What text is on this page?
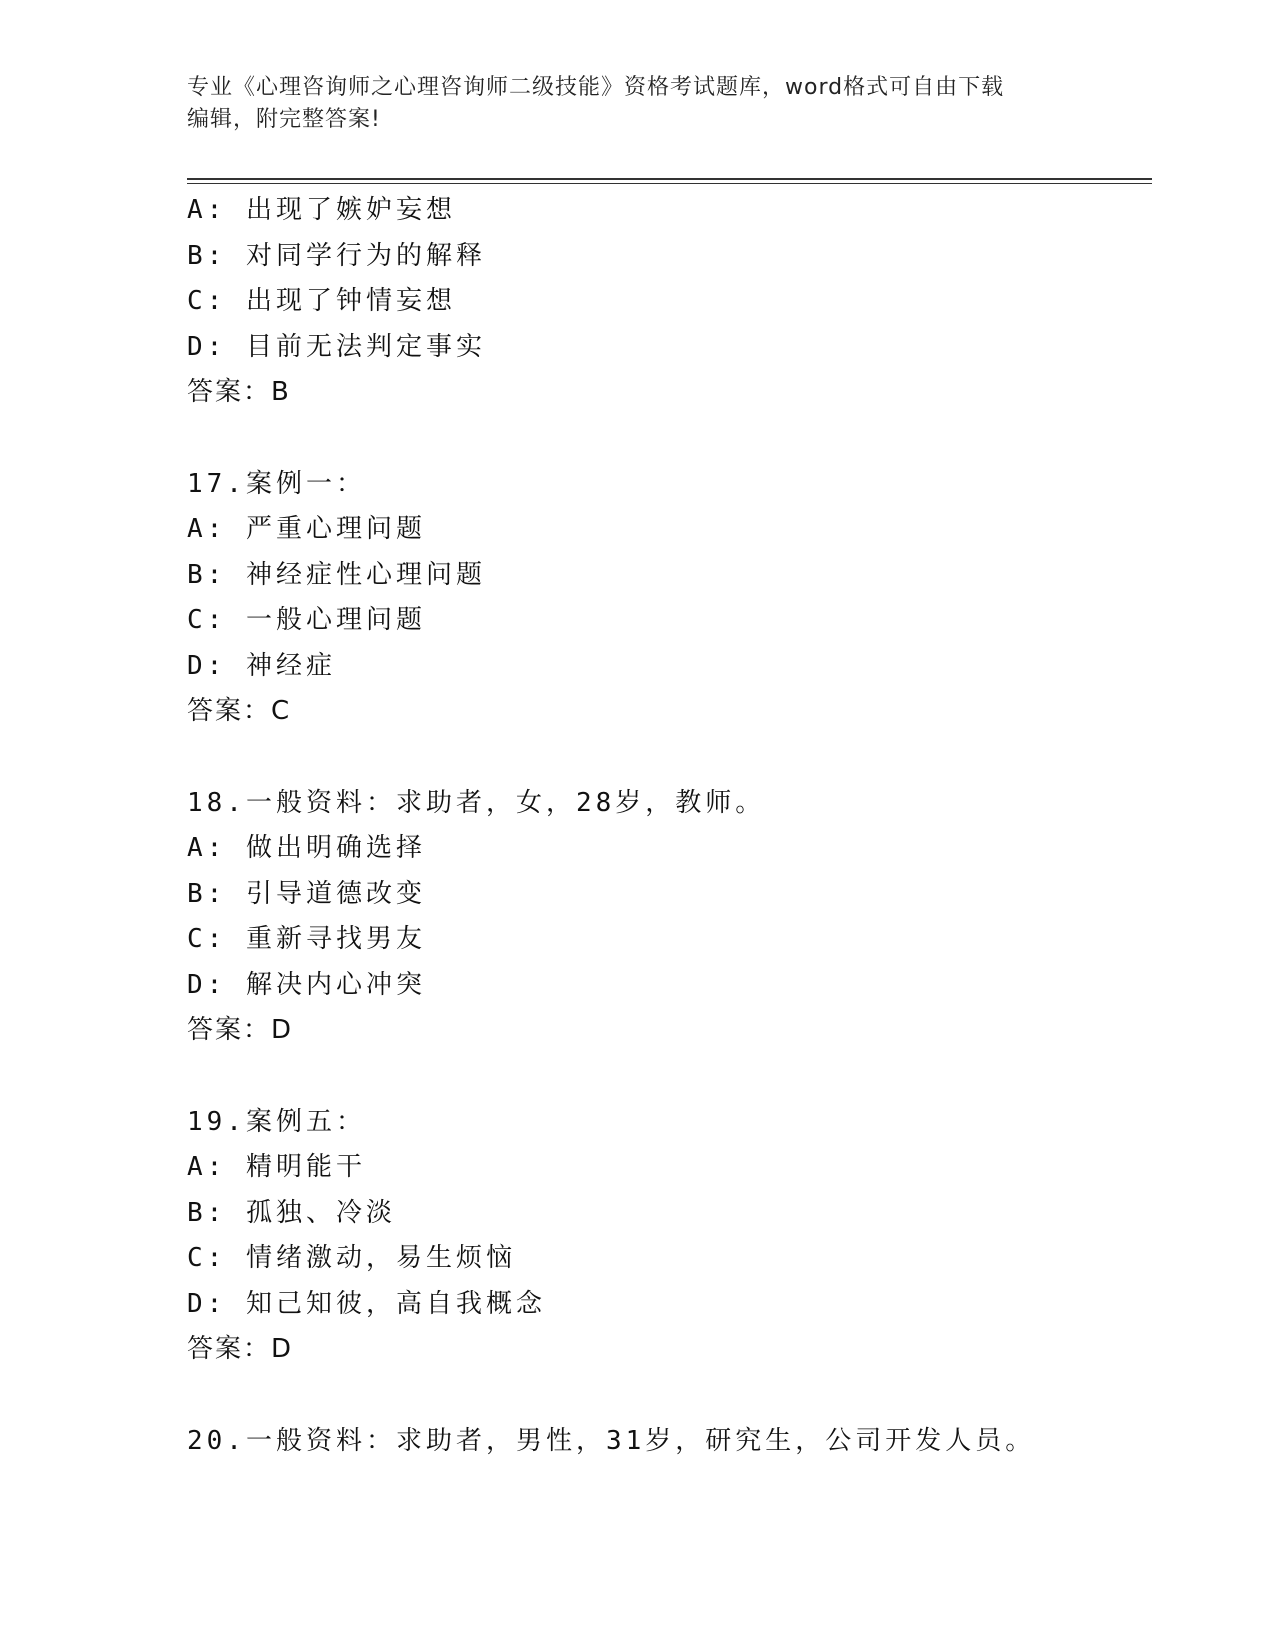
专业《心理咨询师之心理咨询师二级技能》资格考试题库，word格式可自由下载
编辑，附完整答案!
A: 出现了嫉妒妄想
B: 对同学行为的解释
C: 出现了钟情妄想
D: 目前无法判定事实
答案：B
17.案例一：
A: 严重心理问题
B: 神经症性心理问题
C: 一般心理问题
D: 神经症
答案：C
18.一般资料：求助者，女，28岁，教师。
A: 做出明确选择
B: 引导道德改变
C: 重新寻找男友
D: 解决内心冲突
答案：D
19.案例五：
A: 精明能干
B: 孤独、冷淡
C: 情绪激动，易生烦恼
D: 知己知彼，高自我概念
答案：D
20.一般资料：求助者，男性，31岁，研究生，公司开发人员。
